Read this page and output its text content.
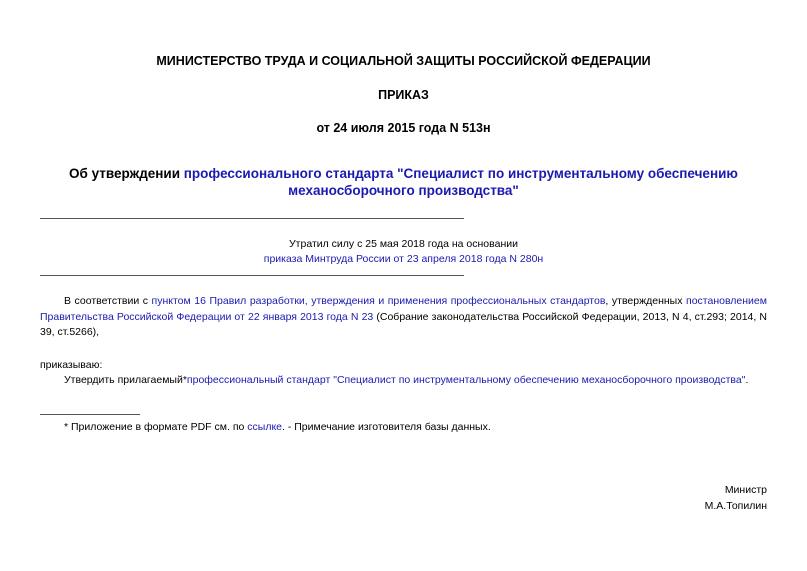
МИНИСТЕРСТВО ТРУДА И СОЦИАЛЬНОЙ ЗАЩИТЫ РОССИЙСКОЙ ФЕДЕРАЦИИ
ПРИКАЗ
от 24 июля 2015 года N 513н
Об утверждении профессионального стандарта "Специалист по инструментальному обеспечению механосборочного производства"
Утратил силу с 25 мая 2018 года на основании
приказа Минтруда России от 23 апреля 2018 года N 280н
В соответствии с пунктом 16 Правил разработки, утверждения и применения профессиональных стандартов, утвержденных постановлением Правительства Российской Федерации от 22 января 2013 года N 23 (Собрание законодательства Российской Федерации, 2013, N 4, ст.293; 2014, N 39, ст.5266),
приказываю:
Утвердить прилагаемый*профессиональный стандарт "Специалист по инструментальному обеспечению механосборочного производства".
* Приложение в формате PDF см. по ссылке. - Примечание изготовителя базы данных.
Министр
М.А.Топилин
